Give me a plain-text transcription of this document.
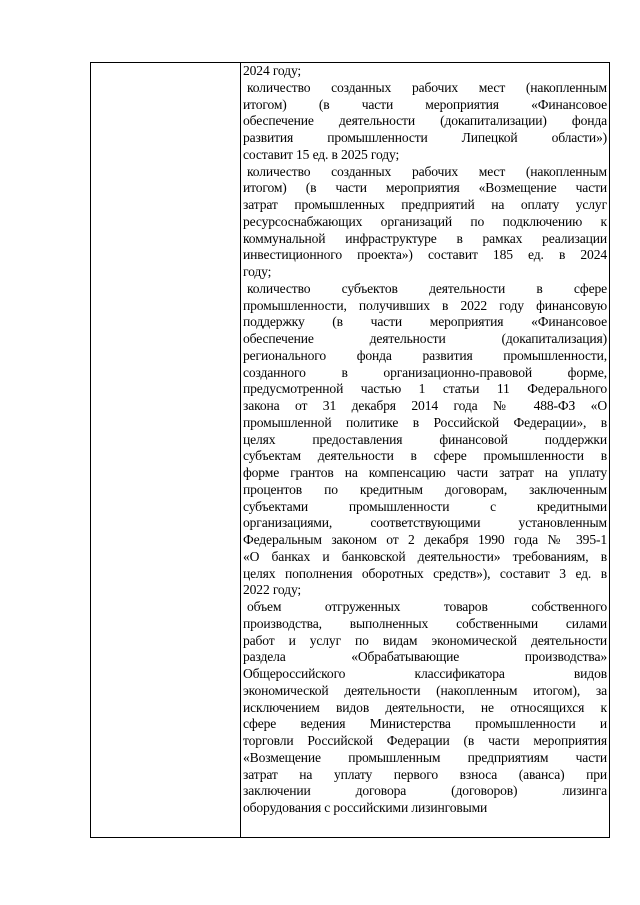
2024 году;
количество созданных рабочих мест (накопленным
итогом) (в части мероприятия «Финансовое
обеспечение деятельности (докапитализации) фонда
развития промышленности Липецкой области»)
составит 15 ед. в 2025 году;
количество созданных рабочих мест (накопленным
итогом) (в части мероприятия «Возмещение части
затрат промышленных предприятий на оплату услуг
ресурсоснабжающих организаций по подключению к
коммунальной инфраструктуре в рамках реализации
инвестиционного проекта») составит 185 ед. в 2024
году;
количество субъектов деятельности в сфере
промышленности, получивших в 2022 году финансовую
поддержку (в части мероприятия «Финансовое
обеспечение деятельности (докапитализация)
регионального фонда развития промышленности,
созданного в организационно-правовой форме,
предусмотренной частью 1 статьи 11 Федерального
закона от 31 декабря 2014 года № 488-ФЗ «О
промышленной политике в Российской Федерации», в
целях предоставления финансовой поддержки
субъектам деятельности в сфере промышленности в
форме грантов на компенсацию части затрат на уплату
процентов по кредитным договорам, заключенным
субъектами промышленности с кредитными
организациями, соответствующими установленным
Федеральным законом от 2 декабря 1990 года № 395-1
«О банках и банковской деятельности» требованиям, в
целях пополнения оборотных средств»), составит 3 ед. в
2022 году;
объем отгруженных товаров собственного
производства, выполненных собственными силами
работ и услуг по видам экономической деятельности
раздела «Обрабатывающие производства»
Общероссийского классификатора видов
экономической деятельности (накопленным итогом), за
исключением видов деятельности, не относящихся к
сфере ведения Министерства промышленности и
торговли Российской Федерации (в части мероприятия
«Возмещение промышленным предприятиям части
затрат на уплату первого взноса (аванса) при
заключении договора (договоров) лизинга
оборудования с российскими лизинговыми
